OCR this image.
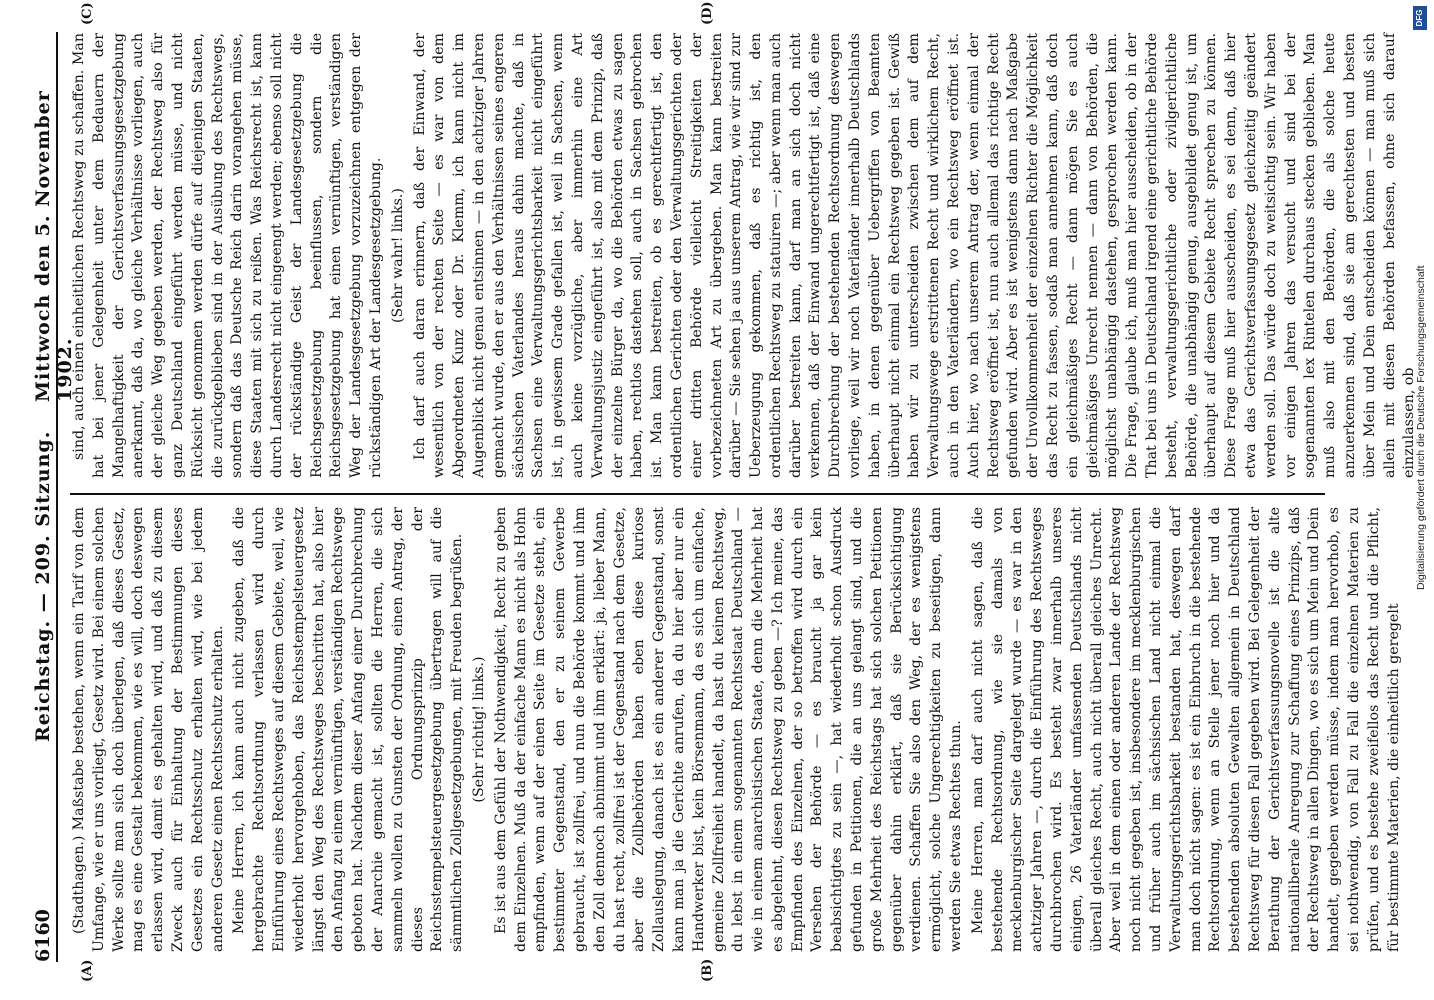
6160
Reichstag. — 209. Sitzung.
Mittwoch den 5. November 1902.
(A)	(B)
(C)	(D)

(Stadthagen.) Maßstabe bestehen, wenn ein Tarif von dem Umfange, wie er uns vorliegt, Gesetz wird. Bei einem solchen Werke sollte man sich doch überlegen, daß dieses Gesetz, mag es eine Gestalt bekommen, wie es will, doch deswegen erlassen wird, damit es gehalten wird, und daß zu diesem Zweck auch für Einhaltung der Bestimmungen dieses Gesetzes ein Rechtsschutz erhalten wird, wie bei jedem anderen Gesetz einen Rechtsschutz erhalten. Meine Herren, ich kann auch nicht zugeben, daß die hergebrachte Rechtsordnung verlassen wird durch Einführung eines Rechtsweges auf diesem Gebiete, weil, wie wiederholt hervorgehoben, das Reichsstempelsteuergesetz längst den Weg des Rechtsweges beschritten hat, also hier den Anfang zu einem vernünftigen, verständigen Rechtswege geboten hat. Nachdem dieser Anfang einer Durchbrechung der Anarchie gemacht ist, sollten die Herren, die sich sammeln wollen zu Gunsten der Ordnung, einen Antrag, der dieses Ordnungsprinzip der Reichsstempelsteuergesetzgebung übertragen will auf die sämmtlichen Zollgesetzgebungen, mit Freuden begrüßen. (Sehr richtig! links.) Es ist aus dem Gefühl der Nothwendigkeit, Recht zu geben dem Einzelnen. Muß da der einfache Mann es nicht als Hohn empfinden, wenn auf der einen Seite im Gesetze steht, ein bestimmter Gegenstand, den er zu seinem Gewerbe gebraucht, ist zollfrei, und nun die Behörde kommt und ihm den Zoll dennoch abnimmt und ihm erklärt: ja, lieber Mann, du hast recht, zollfrei ist der Gegenstand nach dem Gesetze, aber die Zollbehörden haben eben diese kuriose Zollauslegung, danach ist es ein anderer Gegenstand, sonst kann man ja die Gerichte anrufen, da du hier aber nur ein Handwerker bist, kein Börsenmann, da es sich um einfache, gemeine Zollfreiheit handelt, da hast du keinen Rechtsweg, du lebst in einem sogenannten Rechtsstaat Deutschland — wie in einem anarchistischen Staate, denn die Mehrheit hat es abgelehnt, diesen Rechtsweg zu geben —? Ich meine, das Empfinden des Einzelnen, der so betroffen wird durch ein Versehen der Behörde — es braucht ja gar kein beabsichtigtes zu sein —, hat wiederholt schon Ausdruck gefunden in Petitionen, die an uns gelangt sind, und die große Mehrheit des Reichstags hat sich solchen Petitionen gegenüber dahin erklärt, daß sie Berücksichtigung verdienen. Schaffen Sie also den Weg, der es wenigstens ermöglicht, solche Ungerechtigkeiten zu beseitigen, dann werden Sie etwas Rechtes thun. Meine Herren, man darf auch nicht sagen, daß die bestehende Rechtsordnung, wie sie damals von mecklenburgischer Seite dargelegt wurde — es war in den achtziger Jahren —, durch die Einführung des Rechtsweges durchbrochen wird. Es besteht zwar innerhalb unseres einigen, 26 Vaterländer umfassenden Deutschlands nicht überall gleiches Recht, auch nicht überall gleiches Unrecht. Aber weil in dem einen oder anderen Lande der Rechtsweg noch nicht gegeben ist, insbesondere im mecklenburgischen und früher auch im sächsischen Land nicht einmal die Verwaltungsgerichtsbarkeit bestanden hat, deswegen darf man doch nicht sagen: es ist ein Einbruch in die bestehende Rechtsordnung, wenn an Stelle jener noch hier und da bestehenden absoluten Gewalten allgemein in Deutschland Rechtsweg für diesen Fall gegeben wird. Bei Gelegenheit der Berathung der Gerichtsverfassungsnovelle ist die alte nationalliberale Anregung zur Schaffung eines Prinzips, daß der Rechtsweg in allen Dingen, wo es sich um Mein und Dein handelt, gegeben werden müsse, indem man hervorhob, es sei nothwendig, von Fall zu Fall die einzelnen Materien zu prüfen, und es bestehe zweifellos das Recht und die Pflicht, für bestimmte Materien, die einheitlich geregelt

sind, auch einen einheitlichen Rechtsweg zu schaffen. Man hat bei jener Gelegenheit unter dem Bedauern der Mangelhaftigkeit der Gerichtsverfassungsgesetzgebung anerkannt, daß da, wo gleiche Verhältnisse vorliegen, auch der gleiche Weg gegeben werden, der Rechtsweg also für ganz Deutschland eingeführt werden müsse, und nicht Rücksicht genommen werden dürfe auf diejenigen Staaten, die zurückgeblieben sind in der Ausübung des Rechtswegs, sondern daß das Deutsche Reich darin vorangehen müsse, diese Staaten mit sich zu reißen. Was Reichsrecht ist, kann durch Landesrecht nicht eingeengt werden; ebenso soll nicht der rückständige Geist der Landesgesetzgebung die Reichsgesetzgebung beeinflussen, sondern die Reichsgesetzgebung hat einen vernünftigen, verständigen Weg der Landesgesetzgebung vorzuzeichnen entgegen der rückständigen Art der Landesgesetzgebung. (Sehr wahr! links.) Ich darf auch daran erinnern, daß der Einwand, der wesentlich von der rechten Seite — es war von dem Abgeordneten Kunz oder Dr. Klemm, ich kann nicht im Augenblick nicht genau entsinnen — in den achtziger Jahren gemacht wurde, den er aus den Verhältnissen seines engeren sächsischen Vaterlandes heraus dahin machte, daß in Sachsen eine Verwaltungsgerichtsbarkeit nicht eingeführt ist, in gewissem Grade gefallen ist, weil in Sachsen, wenn auch keine vorzügliche, aber immerhin eine Art Verwaltungsjustiz eingeführt ist, also mit dem Prinzip, daß der einzelne Bürger da, wo die Behörden etwas zu sagen haben, rechtlos dastehen soll, auch in Sachsen gebrochen ist. Man kann bestreiten, ob es gerechtfertigt ist, den ordentlichen Gerichten oder den Verwaltungsgerichten oder einer dritten Behörde vielleicht Streitigkeiten der vorbezeichneten Art zu übergeben. Man kann bestreiten darüber — Sie sehen ja aus unserem Antrag, wie wir sind zur Ueberzeugung gekommen, daß es richtig ist, den ordentlichen Rechtsweg zu statuiren —; aber wenn man auch darüber bestreiten kann, darf man an sich doch nicht verkennen, daß der Einwand ungerechtfertigt ist, daß eine Durchbrechung der bestehenden Rechtsordnung deswegen vorliege, weil wir noch Vaterländer innerhalb Deutschlands haben, in denen gegenüber Uebergriffen von Beamten überhaupt nicht einmal ein Rechtsweg gegeben ist. Gewiß haben wir zu unterscheiden zwischen dem auf dem Verwaltungswege erstrittenen Recht und wirklichem Recht, auch in den Vaterländern, wo ein Rechtsweg eröffnet ist. Auch hier, wo nach unserem Antrag der, wenn einmal der Rechtsweg eröffnet ist, nun auch allemal das richtige Recht gefunden wird. Aber es ist wenigstens dann nach Maßgabe der Unvollkommenheit der einzelnen Richter die Möglichkeit das Recht zu fassen, sodaß man annehmen kann, daß doch ein gleichmäßiges Recht — dann mögen Sie es auch gleichmäßiges Unrecht nennen — dann von Behörden, die möglichst unabhängig dastehen, gesprochen werden kann. Die Frage, glaube ich, muß man hier ausscheiden, ob in der That bei uns in Deutschland irgend eine gerichtliche Behörde besteht, verwaltungsgerichtliche oder zivilgerichtliche Behörde, die unabhängig genug, ausgebildet genug ist, um überhaupt auf diesem Gebiete Recht sprechen zu können. Diese Frage muß hier ausscheiden, es sei denn, daß hier etwa das Gerichtsverfassungsgesetz gleichzeitig geändert werden soll. Das würde doch zu weitsichtig sein. Wir haben vor einigen Jahren das versucht und sind bei der sogenannten lex Rintelen durchaus stecken geblieben. Man muß also mit den Behörden, die als solche heute anzuerkennen sind, daß sie am gerechtesten und besten über Mein und Dein entscheiden können — man muß sich allein mit diesen Behörden befassen, ohne sich darauf einzulassen, ob

Digitalisierung gefördert durch die Deutsche Forschungsgemeinschaft
DFG
